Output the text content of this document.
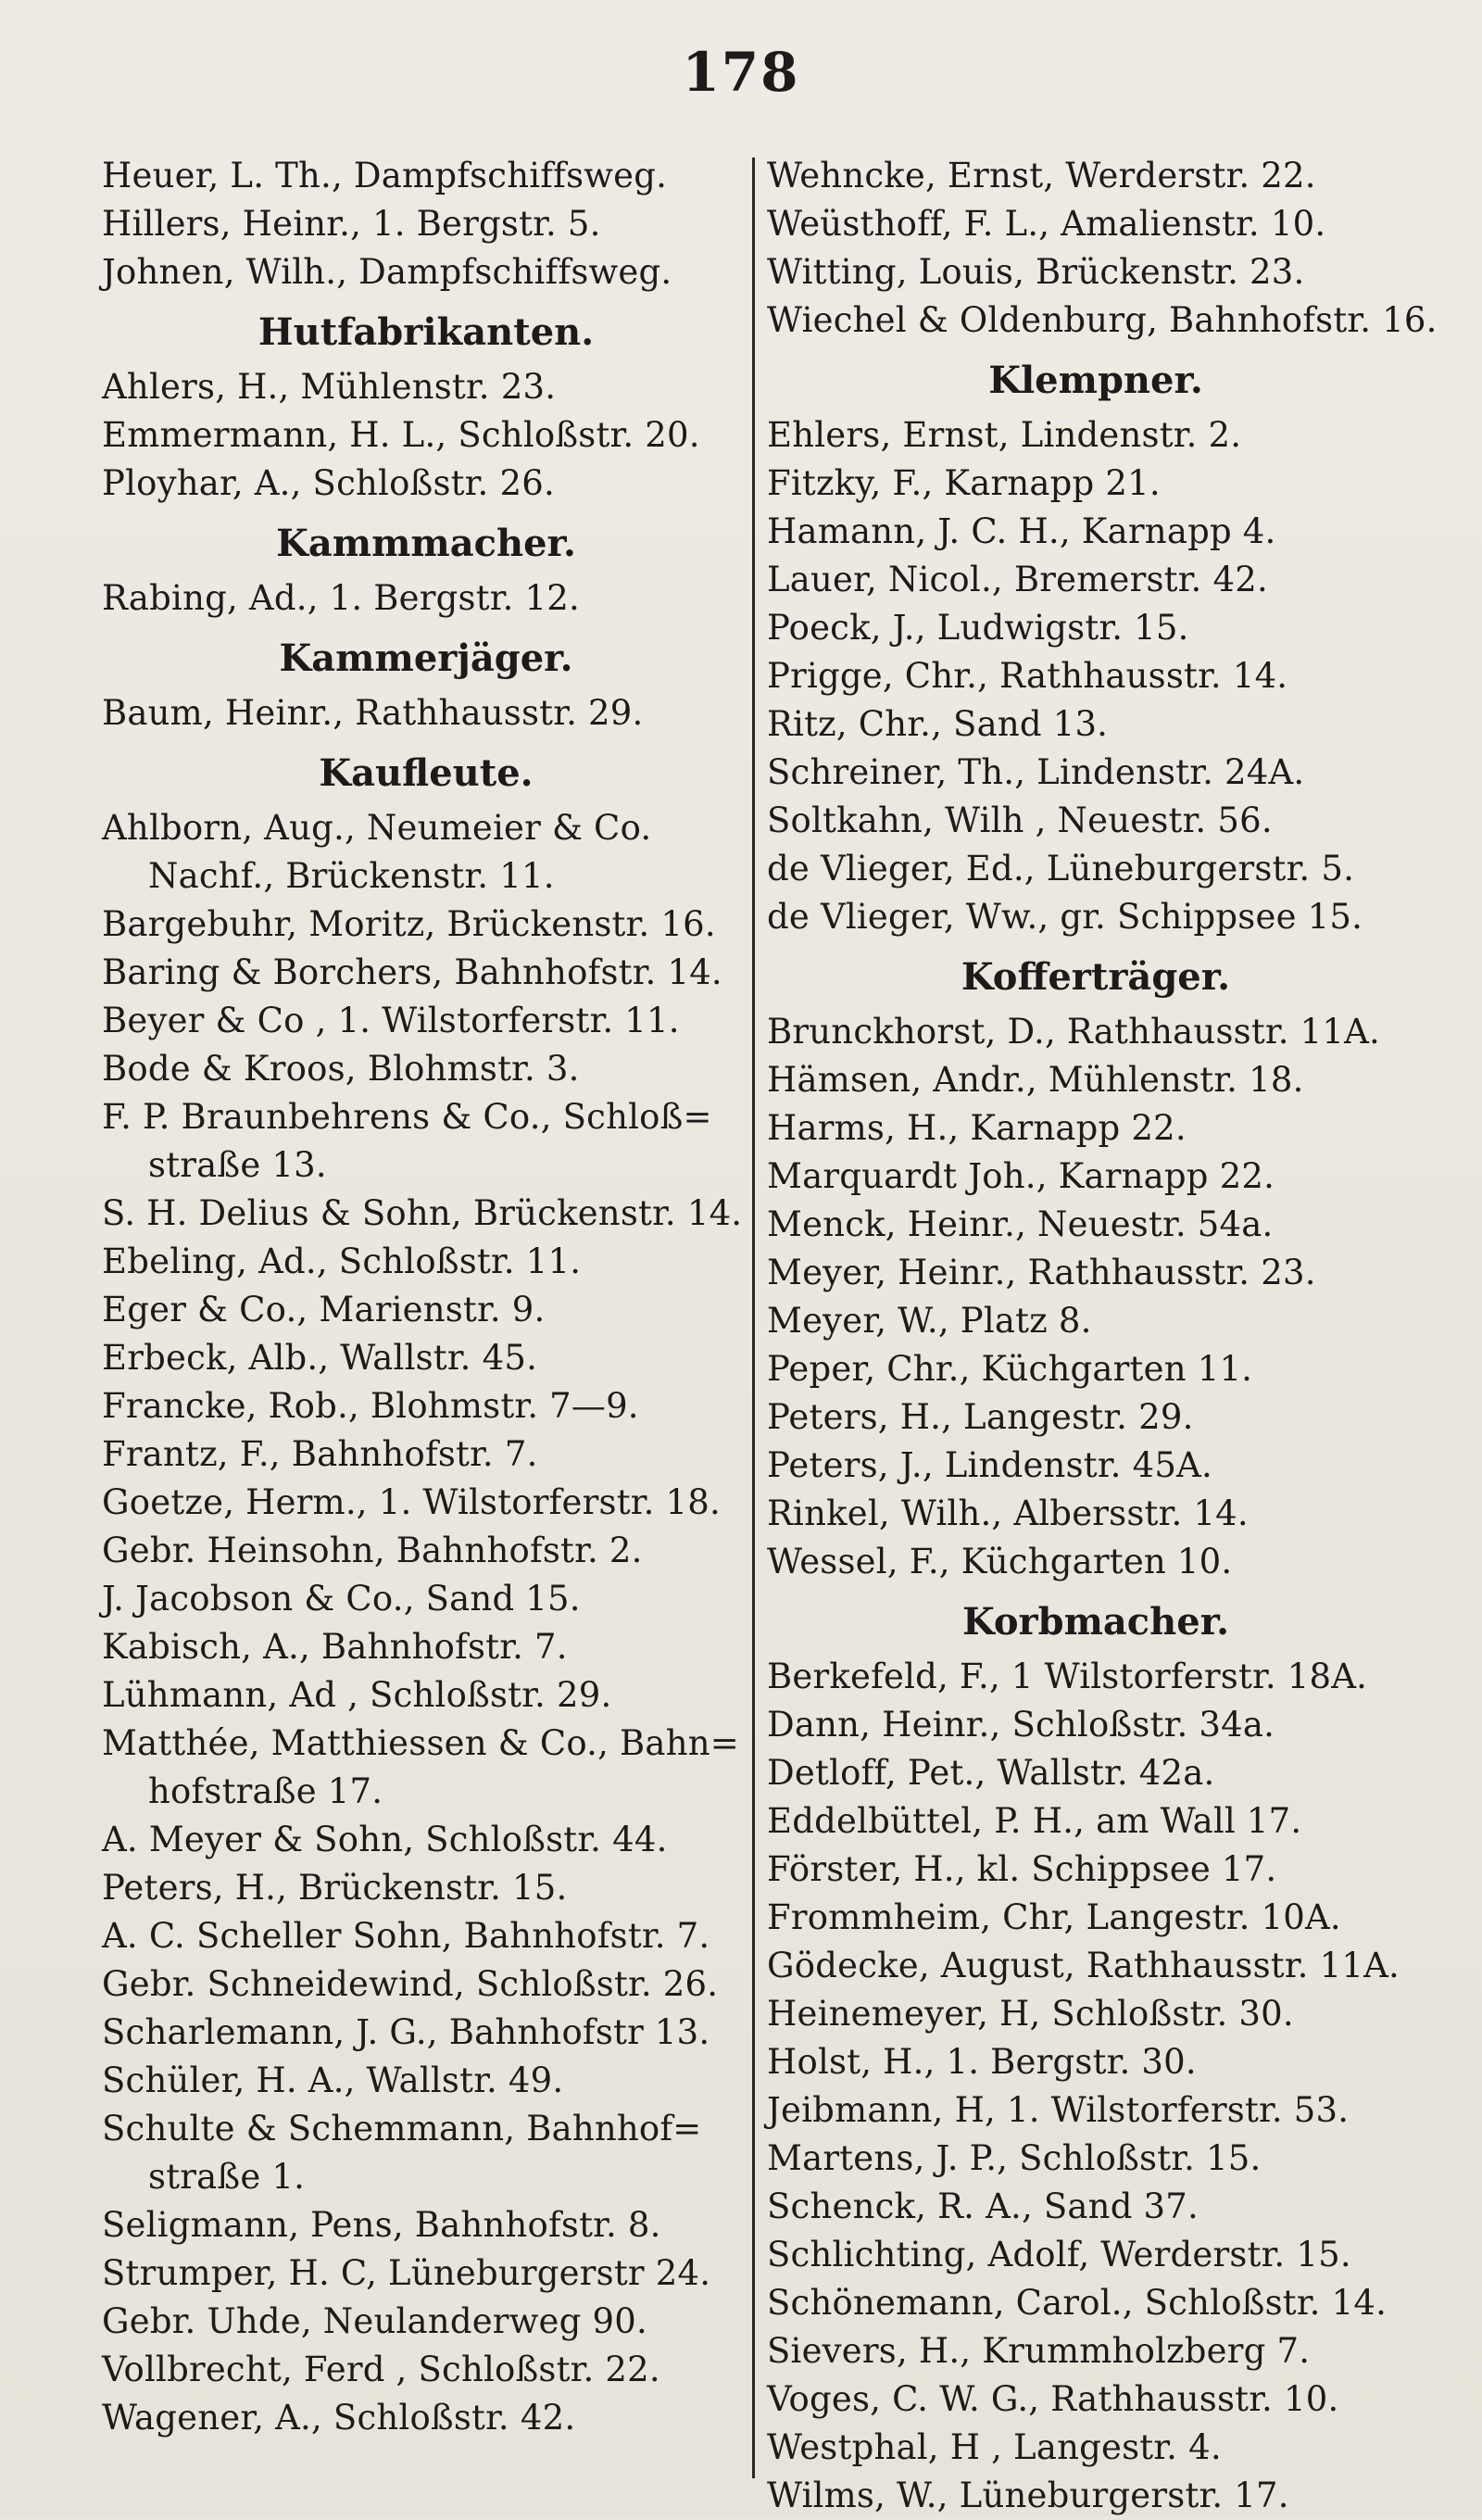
178
Heuer, L. Th., Dampfschiffsweg.
Hillers, Heinr., 1. Bergstr. 5.
Johnen, Wilh., Dampfschiffsweg.
Hutfabrikanten.
Ahlers, H., Mühlenstr. 23.
Emmermann, H. L., Schloßstr. 20.
Ployhar, A., Schloßstr. 26.
Kammmacher.
Rabing, Ad., 1. Bergstr. 12.
Kammerjäger.
Baum, Heinr., Rathhausstr. 29.
Kaufleute.
Ahlborn, Aug., Neumeier & Co.
Nachf., Brückenstr. 11.
Bargebuhr, Moritz, Brückenstr. 16.
Baring & Borchers, Bahnhofstr. 14.
Beyer & Co , 1. Wilstorferstr. 11.
Bode & Kroos, Blohmstr. 3.
F. P. Braunbehrens & Co., Schloß=
straße 13.
S. H. Delius & Sohn, Brückenstr. 14.
Ebeling, Ad., Schloßstr. 11.
Eger & Co., Marienstr. 9.
Erbeck, Alb., Wallstr. 45.
Francke, Rob., Blohmstr. 7—9.
Frantz, F., Bahnhofstr. 7.
Goetze, Herm., 1. Wilstorferstr. 18.
Gebr. Heinsohn, Bahnhofstr. 2.
J. Jacobson & Co., Sand 15.
Kabisch, A., Bahnhofstr. 7.
Lühmann, Ad , Schloßstr. 29.
Matthée, Matthiessen & Co., Bahn=
hofstraße 17.
A. Meyer & Sohn, Schloßstr. 44.
Peters, H., Brückenstr. 15.
A. C. Scheller Sohn, Bahnhofstr. 7.
Gebr. Schneidewind, Schloßstr. 26.
Scharlemann, J. G., Bahnhofstr 13.
Schüler, H. A., Wallstr. 49.
Schulte & Schemmann, Bahnhof=
straße 1.
Seligmann, Pens, Bahnhofstr. 8.
Strumper, H. C, Lüneburgerstr 24.
Gebr. Uhde, Neulanderweg 90.
Vollbrecht, Ferd , Schloßstr. 22.
Wagener, A., Schloßstr. 42.
Wehncke, Ernst, Werderstr. 22.
Weüsthoff, F. L., Amalienstr. 10.
Witting, Louis, Brückenstr. 23.
Wiechel & Oldenburg, Bahnhofstr. 16.
Klempner.
Ehlers, Ernst, Lindenstr. 2.
Fitzky, F., Karnapp 21.
Hamann, J. C. H., Karnapp 4.
Lauer, Nicol., Bremerstr. 42.
Poeck, J., Ludwigstr. 15.
Prigge, Chr., Rathhausstr. 14.
Ritz, Chr., Sand 13.
Schreiner, Th., Lindenstr. 24A.
Soltkahn, Wilh , Neuestr. 56.
de Vlieger, Ed., Lüneburgerstr. 5.
de Vlieger, Ww., gr. Schippsee 15.
Kofferträger.
Brunckhorst, D., Rathhausstr. 11A.
Hämsen, Andr., Mühlenstr. 18.
Harms, H., Karnapp 22.
Marquardt Joh., Karnapp 22.
Menck, Heinr., Neuestr. 54a.
Meyer, Heinr., Rathhausstr. 23.
Meyer, W., Platz 8.
Peper, Chr., Küchgarten 11.
Peters, H., Langestr. 29.
Peters, J., Lindenstr. 45A.
Rinkel, Wilh., Albersstr. 14.
Wessel, F., Küchgarten 10.
Korbmacher.
Berkefeld, F., 1 Wilstorferstr. 18A.
Dann, Heinr., Schloßstr. 34a.
Detloff, Pet., Wallstr. 42a.
Eddelbüttel, P. H., am Wall 17.
Förster, H., kl. Schippsee 17.
Frommheim, Chr, Langestr. 10A.
Gödecke, August, Rathhausstr. 11A.
Heinemeyer, H, Schloßstr. 30.
Holst, H., 1. Bergstr. 30.
Jeibmann, H, 1. Wilstorferstr. 53.
Martens, J. P., Schloßstr. 15.
Schenck, R. A., Sand 37.
Schlichting, Adolf, Werderstr. 15.
Schönemann, Carol., Schloßstr. 14.
Sievers, H., Krummholzberg 7.
Voges, C. W. G., Rathhausstr. 10.
Westphal, H , Langestr. 4.
Wilms, W., Lüneburgerstr. 17.
